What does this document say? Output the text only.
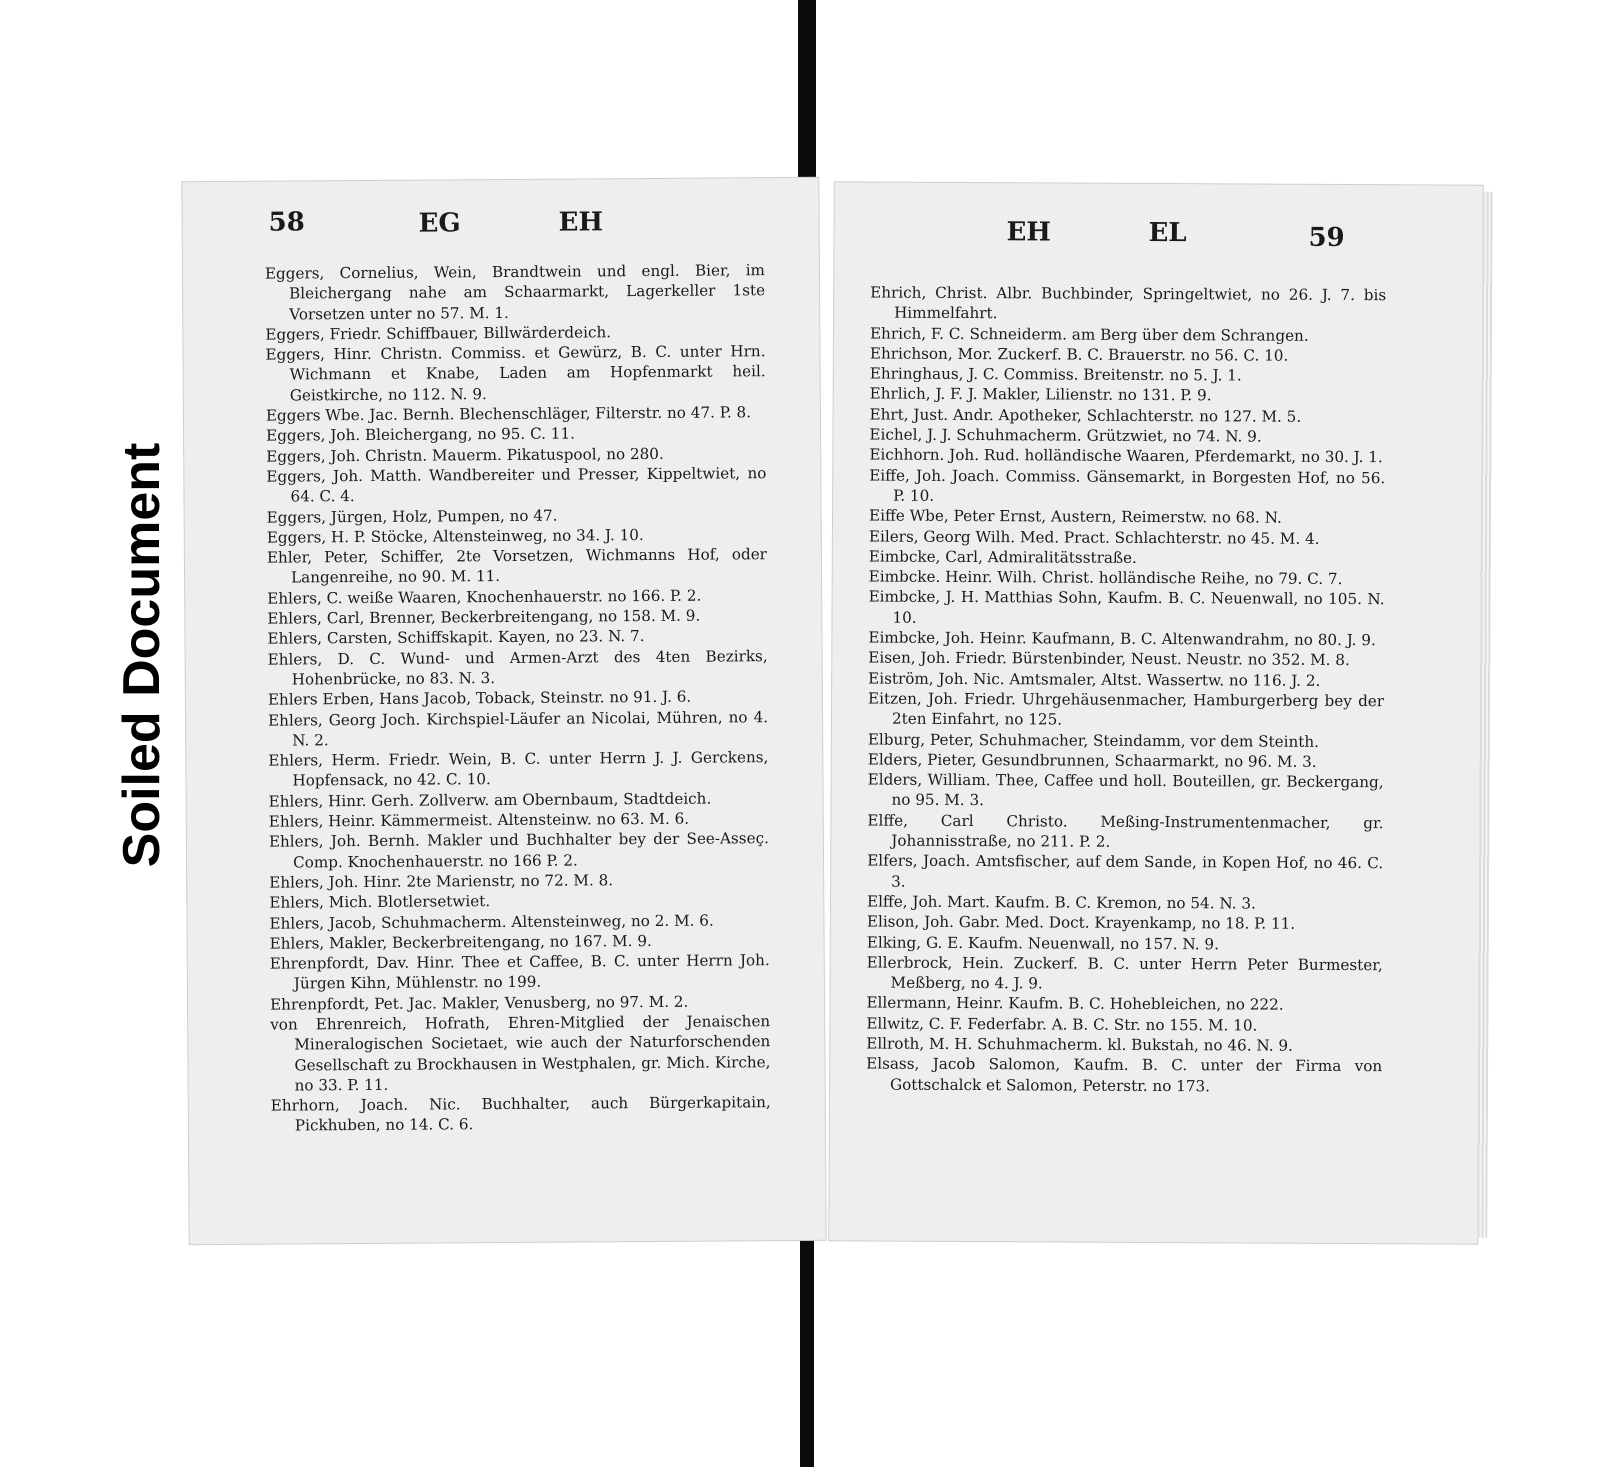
Soiled Document
58	EG	EH

Eggers, Cornelius, Wein, Brandtwein und engl. Bier, im Bleichergang nahe am Schaarmarkt, Lagerkeller 1ste Vorsetzen unter no 57. M. 1.

Eggers, Friedr. Schiffbauer, Billwärderdeich.

Eggers, Hinr. Christn. Commiss. et Gewürz, B. C. unter Hrn. Wichmann et Knabe, Laden am Hopfenmarkt heil. Geistkirche, no 112. N. 9.

Eggers Wbe. Jac. Bernh. Blechenschläger, Filterstr. no 47. P. 8.

Eggers, Joh. Bleichergang, no 95. C. 11.

Eggers, Joh. Christn. Mauerm. Pikatuspool, no 280.

Eggers, Joh. Matth. Wandbereiter und Presser, Kippeltwiet, no 64. C. 4.

Eggers, Jürgen, Holz, Pumpen, no 47.

Eggers, H. P. Stöcke, Altensteinweg, no 34. J. 10.

Ehler, Peter, Schiffer, 2te Vorsetzen, Wichmanns Hof, oder Langenreihe, no 90. M. 11.

Ehlers, C. weiße Waaren, Knochenhauerstr. no 166. P. 2.

Ehlers, Carl, Brenner, Beckerbreitengang, no 158. M. 9.

Ehlers, Carsten, Schiffskapit. Kayen, no 23. N. 7.

Ehlers, D. C. Wund- und Armen-Arzt des 4ten Bezirks, Hohenbrücke, no 83. N. 3.

Ehlers Erben, Hans Jacob, Toback, Steinstr. no 91. J. 6.

Ehlers, Georg Joch. Kirchspiel-Läufer an Nicolai, Mühren, no 4. N. 2.

Ehlers, Herm. Friedr. Wein, B. C. unter Herrn J. J. Gerckens, Hopfensack, no 42. C. 10.

Ehlers, Hinr. Gerh. Zollverw. am Obernbaum, Stadtdeich.

Ehlers, Heinr. Kämmermeist. Altensteinw. no 63. M. 6.

Ehlers, Joh. Bernh. Makler und Buchhalter bey der See-Asseç. Comp. Knochenhauerstr. no 166 P. 2.

Ehlers, Joh. Hinr. 2te Marienstr, no 72. M. 8.

Ehlers, Mich. Blotlersetwiet.

Ehlers, Jacob, Schuhmacherm. Altensteinweg, no 2. M. 6.

Ehlers, Makler, Beckerbreitengang, no 167. M. 9.

Ehrenpfordt, Dav. Hinr. Thee et Caffee, B. C. unter Herrn Joh. Jürgen Kihn, Mühlenstr. no 199.

Ehrenpfordt, Pet. Jac. Makler, Venusberg, no 97. M. 2.

von Ehrenreich, Hofrath, Ehren-Mitglied der Jenaischen Mineralogischen Societaet, wie auch der Naturforschenden Gesellschaft zu Brockhausen in Westphalen, gr. Mich. Kirche, no 33. P. 11.

Ehrhorn, Joach. Nic. Buchhalter, auch Bürgerkapitain, Pickhuben, no 14. C. 6.

EH	EL	59

Ehrich, Christ. Albr. Buchbinder, Springeltwiet, no 26. J. 7. bis Himmelfahrt.

Ehrich, F. C. Schneiderm. am Berg über dem Schrangen.

Ehrichson, Mor. Zuckerf. B. C. Brauerstr. no 56. C. 10.

Ehringhaus, J. C. Commiss. Breitenstr. no 5. J. 1.

Ehrlich, J. F. J. Makler, Lilienstr. no 131. P. 9.

Ehrt, Just. Andr. Apotheker, Schlachterstr. no 127. M. 5.

Eichel, J. J. Schuhmacherm. Grützwiet, no 74. N. 9.

Eichhorn. Joh. Rud. holländische Waaren, Pferdemarkt, no 30. J. 1.

Eiffe, Joh. Joach. Commiss. Gänsemarkt, in Borgesten Hof, no 56. P. 10.

Eiffe Wbe, Peter Ernst, Austern, Reimerstw. no 68. N.

Eilers, Georg Wilh. Med. Pract. Schlachterstr. no 45. M. 4.

Eimbcke, Carl, Admiralitätsstraße.

Eimbcke. Heinr. Wilh. Christ. holländische Reihe, no 79. C. 7.

Eimbcke, J. H. Matthias Sohn, Kaufm. B. C. Neuenwall, no 105. N. 10.

Eimbcke, Joh. Heinr. Kaufmann, B. C. Altenwandrahm, no 80. J. 9.

Eisen, Joh. Friedr. Bürstenbinder, Neust. Neustr. no 352. M. 8.

Eiström, Joh. Nic. Amtsmaler, Altst. Wassertw. no 116. J. 2.

Eitzen, Joh. Friedr. Uhrgehäusenmacher, Hamburgerberg bey der 2ten Einfahrt, no 125.

Elburg, Peter, Schuhmacher, Steindamm, vor dem Steinth.

Elders, Pieter, Gesundbrunnen, Schaarmarkt, no 96. M. 3.

Elders, William. Thee, Caffee und holl. Bouteillen, gr. Beckergang, no 95. M. 3.

Elffe, Carl Christo. Meßing-Instrumentenmacher, gr. Johannisstraße, no 211. P. 2.

Elfers, Joach. Amtsfischer, auf dem Sande, in Kopen Hof, no 46. C. 3.

Elffe, Joh. Mart. Kaufm. B. C. Kremon, no 54. N. 3.

Elison, Joh. Gabr. Med. Doct. Krayenkamp, no 18. P. 11.

Elking, G. E. Kaufm. Neuenwall, no 157. N. 9.

Ellerbrock, Hein. Zuckerf. B. C. unter Herrn Peter Burmester, Meßberg, no 4. J. 9.

Ellermann, Heinr. Kaufm. B. C. Hohebleichen, no 222.

Ellwitz, C. F. Federfabr. A. B. C. Str. no 155. M. 10.

Ellroth, M. H. Schuhmacherm. kl. Bukstah, no 46. N. 9.

Elsass, Jacob Salomon, Kaufm. B. C. unter der Firma von Gottschalck et Salomon, Peterstr. no 173.
